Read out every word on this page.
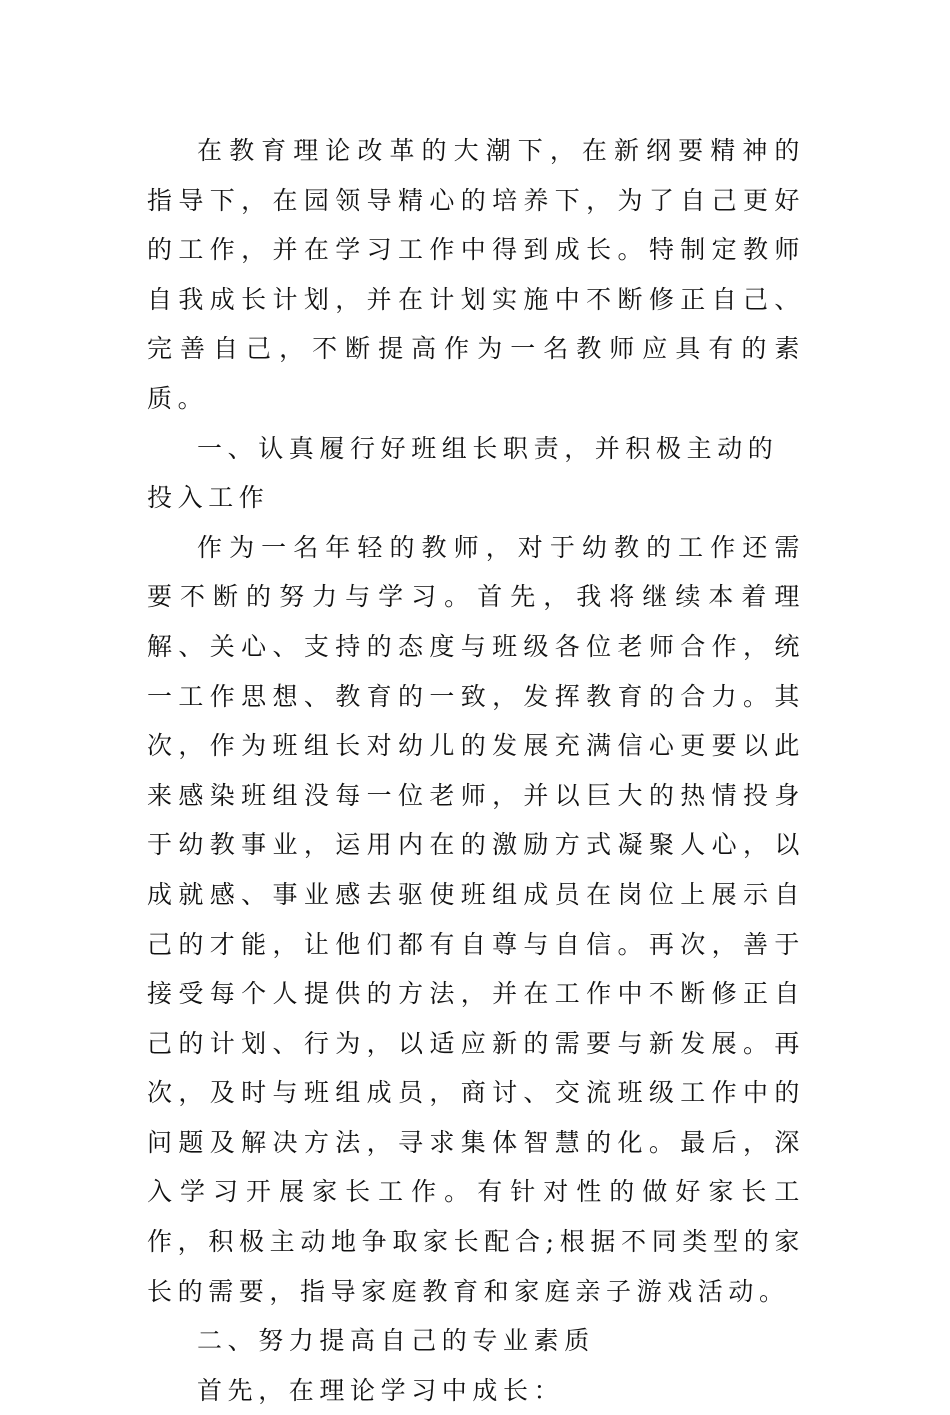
在教育理论改革的大潮下，在新纲要精神的指导下，在园领导精心的培养下，为了自己更好的工作，并在学习工作中得到成长。特制定教师自我成长计划，并在计划实施中不断修正自己、完善自己，不断提高作为一名教师应具有的素质。

一、认真履行好班组长职责，并积极主动的投入工作

作为一名年轻的教师，对于幼教的工作还需要不断的努力与学习。首先，我将继续本着理解、关心、支持的态度与班级各位老师合作，统一工作思想、教育的一致，发挥教育的合力。其次，作为班组长对幼儿的发展充满信心更要以此来感染班组没每一位老师，并以巨大的热情投身于幼教事业，运用内在的激励方式凝聚人心，以成就感、事业感去驱使班组成员在岗位上展示自己的才能，让他们都有自尊与自信。再次，善于接受每个人提供的方法，并在工作中不断修正自己的计划、行为，以适应新的需要与新发展。再次，及时与班组成员，商讨、交流班级工作中的问题及解决方法，寻求集体智慧的化。最后，深入学习开展家长工作。有针对性的做好家长工作，积极主动地争取家长配合;根据不同类型的家长的需要，指导家庭教育和家庭亲子游戏活动。

二、努力提高自己的专业素质

首先，在理论学习中成长：
